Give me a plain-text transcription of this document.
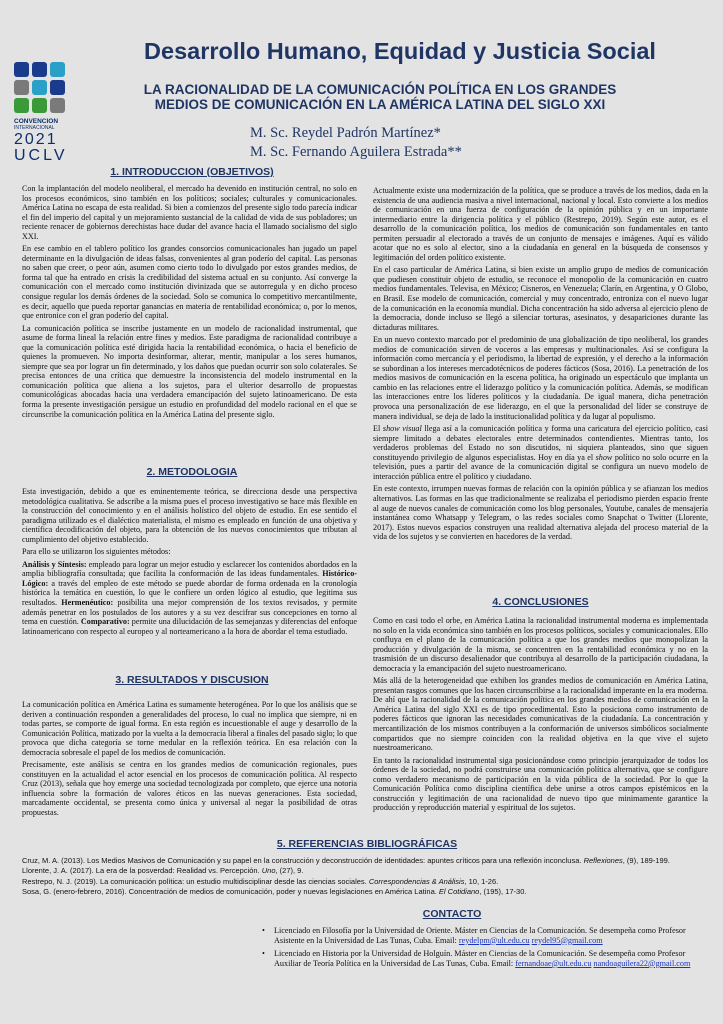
CONVENCION
INTERNACIONAL
2021
UCLV
Desarrollo Humano, Equidad y Justicia Social
LA RACIONALIDAD DE LA COMUNICACIÓN POLÍTICA EN LOS GRANDES
MEDIOS DE COMUNICACIÓN EN LA AMÉRICA LATINA DEL SIGLO XXI
M. Sc. Reydel Padrón Martínez*
M. Sc. Fernando Aguilera Estrada**
1. INTRODUCCION (OBJETIVOS)

Con la implantación del modelo neoliberal, el mercado ha devenido en institución central, no solo en los procesos económicos, sino también en los políticos; sociales; culturales y comunicacionales. América Latina no escapa de esta realidad. Si bien a comienzos del presente siglo todo parecía indicar el fin del imperio del capital y un mejoramiento sustancial de la calidad de vida de sus pobladores; un reciente renacer de gobiernos derechistas hace dudar del avance hacia el llamado socialismo del siglo XXI.

En ese cambio en el tablero político los grandes consorcios comunicacionales han jugado un papel determinante en la divulgación de ideas falsas, convenientes al gran poderío del capital. Las personas no saben que creer, o peor aún, asumen como cierto todo lo divulgado por estos grandes medios, de forma tal que ha entrado en crisis la credibilidad del sistema actual en su conjunto. Así converge la comunicación con el mercado como institución divinizada que se autorregula y en dicho proceso consigue regular los demás órdenes de la sociedad. Solo se comunica lo competitivo mercantilmente, es decir, aquello que pueda reportar ganancias en materia de rentabilidad económica; o, por lo menos, que entronice con el gran poderío del capital.

La comunicación política se inscribe justamente en un modelo de racionalidad instrumental, que asume de forma lineal la relación entre fines y medios. Este paradigma de racionalidad contribuye a que la comunicación política esté dirigida hacia la rentabilidad económica, o hacia el beneficio de quienes la promueven. No importa desinformar, alterar, mentir, manipular a los seres humanos, siempre que sea por lograr un fin determinado, y los daños que puedan ocurrir son solo colaterales. Se precisa entonces de una crítica que demuestre la inconsistencia del modelo instrumental en la comunicación política que aliena a los sujetos, para el ulterior desarrollo de propuestas comunicológicas abocadas hacia una verdadera emancipación del sujeto latinoamericano. De esta forma la presente investigación persigue un estudio en profundidad del modelo racional en el que se circunscribe la comunicación política en la América Latina del presente siglo.

2. METODOLOGIA

Esta investigación, debido a que es eminentemente teórica, se direcciona desde una perspectiva metodológica cualitativa. Se adscribe a la misma pues el proceso investigativo se hace más flexible en la construcción del conocimiento y en el análisis holístico del objeto de estudio. En ese sentido el paradigma utilizado es el dialéctico materialista, el mismo es empleado en función de una objetiva y científica decodificación del objeto, para la obtención de los nuevos conocimientos que tributan al cumplimiento del objetivo establecido.

Para ello se utilizaron los siguientes métodos:

Análisis y Síntesis: empleado para lograr un mejor estudio y esclarecer los contenidos abordados en la amplia bibliografía consultada; que facilita la conformación de las ideas fundamentales. Histórico-Lógico: a través del empleo de este método se puede abordar de forma ordenada en la cronología histórica la temática en cuestión, lo que le confiere un orden lógico al estudio, que legitima sus resultados. Hermenéutico: posibilita una mejor comprensión de los textos revisados, y permite además penetrar en los postulados de los autores y a su vez descifrar sus concepciones en torno al tema en cuestión. Comparativo: permite una dilucidación de las semejanzas y diferencias del enfoque latinoamericano con respecto al europeo y al norteamericano a la hora de abordar el tema estudiado.

3. RESULTADOS Y DISCUSION

La comunicación política en América Latina es sumamente heterogénea. Por lo que los análisis que se deriven a continuación responden a generalidades del proceso, lo cual no implica que siempre, ni en todas partes, se comporte de igual forma. En esta región es incuestionable el auge y desarrollo de la Comunicación Política, matizado por la vuelta a la democracia liberal a finales del pasado siglo; lo que provoca que dicha categoría se torne medular en la reflexión teórica. En esa relación con la democracia sobresale el papel de los medios de comunicación.

Precisamente, este análisis se centra en los grandes medios de comunicación regionales, pues constituyen en la actualidad el actor esencial en los procesos de comunicación política. Al respecto Cruz (2013), señala que hoy emerge una sociedad tecnologizada por completo, que ejerce una notoria influencia sobre la formación de valores éticos en las nuevas generaciones. Esta sociedad, marcadamente occidental, se presenta como única y universal al negar la posibilidad de otras propuestas.

Actualmente existe una modernización de la política, que se produce a través de los medios, dada en la existencia de una audiencia masiva a nivel internacional, nacional y local. Esto convierte a los medios de comunicación en una fuerza de configuración de la opinión pública y en un importante intermediario entre la dirigencia política y el público (Restrepo, 2019). Según este autor, es el desarrollo de la comunicación política, los medios de comunicación son fundamentales en tanto permiten persuadir al electorado a través de un conjunto de mensajes e imágenes. Aquí es válido acotar que no es solo al elector, sino a la ciudadanía en general en la búsqueda de consensos y legitimación del orden político existente.

En el caso particular de América Latina, si bien existe un amplio grupo de medios de comunicación que pudiesen constituir objeto de estudio, se reconoce el monopolio de la comunicación en cuatro medios fundamentales. Televisa, en México; Cisneros, en Venezuela; Clarín, en Argentina, y O Globo, en Brasil. Ese modelo de comunicación, comercial y muy concentrado, entroniza con el nuevo lugar de la comunicación en la economía mundial. Dicha concentración ha sido adversa al ejercicio pleno de la democracia, donde incluso se llegó a silenciar torturas, asesinatos, y desapariciones durante las dictaduras militares.

En un nuevo contexto marcado por el predominio de una globalización de tipo neoliberal, los grandes medios de comunicación sirven de voceros a las empresas y multinacionales. Así se configura la información como mercancía y el periodismo, la libertad de expresión, y el derecho a la información se subordinan a los intereses mercadotécnicos de poderes fácticos (Sosa, 2016). La penetración de los medios masivos de comunicación en la escena política, ha originado un espectáculo que implanta un cambio en las relaciones entre el liderazgo político y la comunicación política. Además, se modifican las interacciones entre los líderes políticos y la ciudadanía. De igual manera, dicha penetración provoca una personalización de ese liderazgo, en el que la personalidad del líder se construye de manera individual, se deja de lado la institucionalidad política y da lugar al populismo.

El show visual llega así a la comunicación política y forma una caricatura del ejercicio político, casi siempre limitado a debates electorales entre determinados contendientes. Mientras tanto, los verdaderos problemas del Estado no son discutidos, ni siquiera planteados, sino que siguen constituyendo privilegio de algunos especialistas. Hoy en día ya el show político no solo ocurre en la televisión, pues a partir del avance de la comunicación digital se configura un nuevo modelo de interacción pública entre el político y ciudadano.

En este contexto, irrumpen nuevas formas de relación con la opinión pública y se afianzan los medios alternativos. Las formas en las que tradicionalmente se realizaba el periodismo pierden espacio frente al auge de nuevos canales de comunicación como los blog personales, Youtube, canales de mensajería instantánea como Whatsapp y Telegram, o las redes sociales como Snapchat o Twitter (Llorente, 2017). Estos nuevos espacios construyen una realidad alternativa alejada del proceso material de la vida de los sujetos y se convierten en hacedores de la verdad.

4. CONCLUSIONES

Como en casi todo el orbe, en América Latina la racionalidad instrumental moderna es implementada no solo en la vida económica sino también en los procesos políticos, sociales y comunicacionales. Ello confluya en el plano de la comunicación política a que los grandes medios que monopolizan la producción y divulgación de la misma, se concentren en la rentabilidad económica y no en la trasmisión de un discurso desalienador que contribuya al desarrollo de la participación ciudadana, la democracia y la emancipación del sujeto nuestroamericano.

Más allá de la heterogeneidad que exhiben los grandes medios de comunicación en América Latina, presentan rasgos comunes que los hacen circunscribirse a la racionalidad imperante en la era moderna. De ahí que la racionalidad de la comunicación política en los grandes medios de comunicación en la América Latina del siglo XXI es de tipo procedimental. Esto la posiciona como instrumento de poderes fácticos que ignoran las necesidades comunicativas de la ciudadanía. La concentración y mercantilización de los mismos contribuyen a la conformación de universos simbólicos socialmente compartidos que no siempre coinciden con la realidad objetiva en la que vive el sujeto nuestroamericano.

En tanto la racionalidad instrumental siga posicionándose como principio jerarquizador de todos los órdenes de la sociedad, no podrá construirse una comunicación política alternativa, que se configure como verdadero mecanismo de participación en la vida pública de la sociedad. Por lo que la Comunicación Política como disciplina científica debe unirse a otros campos epistémicos en la construcción y legitimación de una racionalidad de nuevo tipo que minimamente garantice la producción y reproducción material y espiritual de los sujetos.

5. REFERENCIAS BIBLIOGRÁFICAS
Cruz, M. A. (2013). Los Medios Masivos de Comunicación y su papel en la construcción y deconstrucción de identidades: apuntes críticos para una reflexión inconclusa. Reflexiones, (9), 189-199.
Llorente, J. A. (2017). La era de la posverdad: Realidad vs. Percepción. Uno, (27), 9.
Restrepo, N. J. (2019). La comunicación política: un estudio multidisciplinar desde las ciencias sociales. Correspondencias & Análisis, 10, 1-26.
Sosa, G. (enero-febrero, 2016). Concentración de medios de comunicación, poder y nuevas legislaciones en América Latina. El Cotidiano, (195), 17-30.
CONTACTO
• Licenciado en Filosofía por la Universidad de Oriente. Máster en Ciencias de la Comunicación. Se desempeña como Profesor Asistente en la Universidad de Las Tunas, Cuba. Email: reydelpm@ult.edu.cu reydel95@gmail.com
• Licenciado en Historia por la Universidad de Holguín. Máster en Ciencias de la Comunicación. Se desempeña como Profesor Auxiliar de Teoría Política en la Universidad de Las Tunas, Cuba. Email: fernandoae@ult.edu.cu nandoaguilera22@gmail.com
